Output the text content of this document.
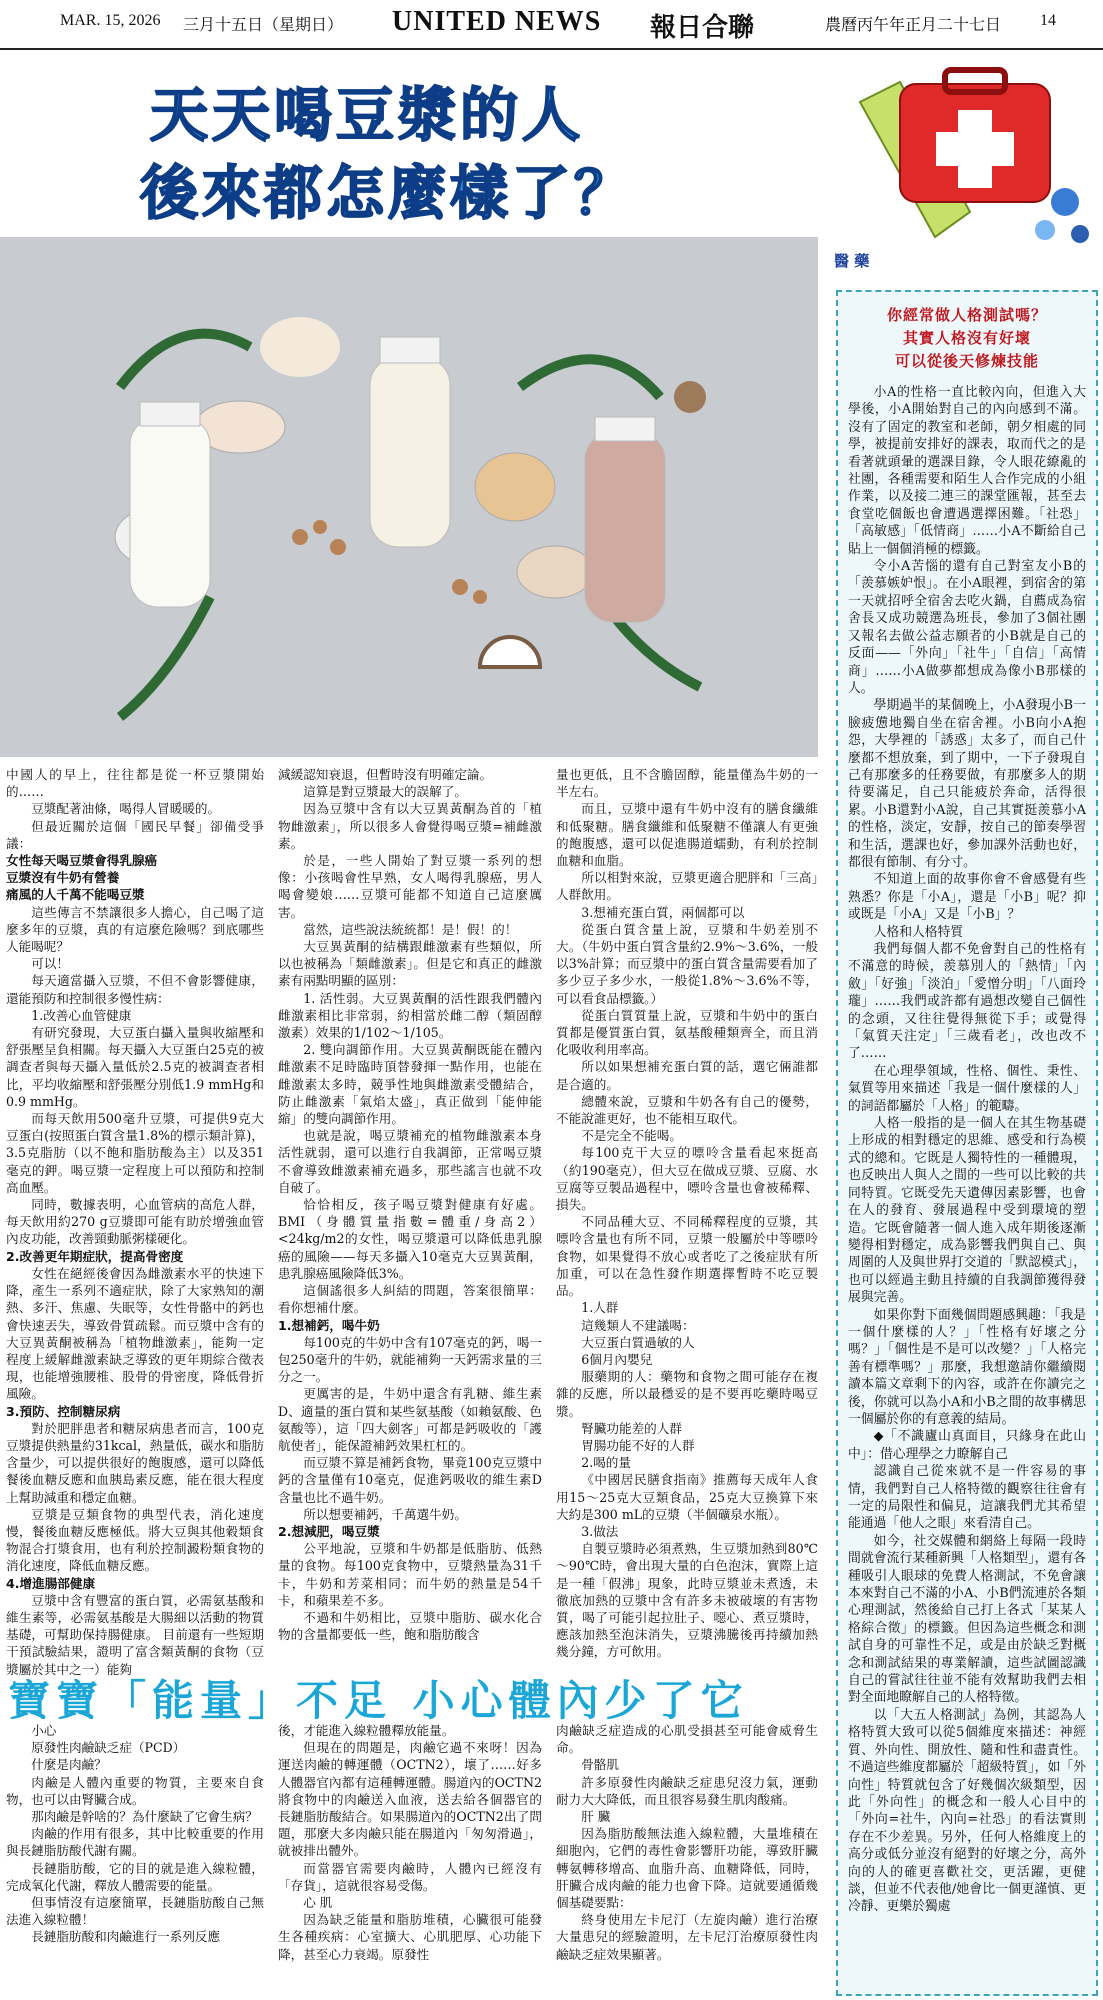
MAR. 15, 2026 三月十五日（星期日） UNITED NEWS 報日合聯	農曆丙午年正月二十七日 14
天天喝豆漿的人
後來都怎麼樣了？
醫 藥

中國人的早上，往往都是從一杯豆漿開始的……

豆漿配著油條，喝得人冒暖暖的。

但最近關於這個「國民早餐」卻備受爭議：

女性每天喝豆漿會得乳腺癌

豆漿沒有牛奶有營養

痛風的人千萬不能喝豆漿

這些傳言不禁讓很多人擔心，自己喝了這麼多年的豆漿，真的有這麼危險嗎？到底哪些人能喝呢？

可以！

每天適當攝入豆漿，不但不會影響健康，還能預防和控制很多慢性病：

1.改善心血管健康

有研究發現，大豆蛋白攝入量與收縮壓和舒張壓呈負相關。每天攝入大豆蛋白25克的被調查者與每天攝入量低於2.5克的被調查者相比，平均收縮壓和舒張壓分別低1.9 mmHg和0.9 mmHg。

而每天飲用500毫升豆漿，可提供9克大豆蛋白(按照蛋白質含量1.8%的標示類計算)，3.5克脂肪（以不飽和脂肪酸為主）以及351毫克的鉀。喝豆漿一定程度上可以預防和控制高血壓。

同時，數據表明，心血管病的高危人群，每天飲用約270 g豆漿即可能有助於增強血管內皮功能，改善頸動脈粥樣硬化。

2.改善更年期症狀，提高骨密度

女性在絕經後會因為雌激素水平的快速下降，產生一系列不適症狀，除了大家熟知的潮熱、多汗、焦慮、失眠等，女性骨骼中的鈣也會快速丟失，導致骨質疏鬆。而豆漿中含有的大豆異黃酮被稱為「植物雌激素」，能夠一定程度上緩解雌激素缺乏導致的更年期綜合徵表現，也能增強腰椎、股骨的骨密度，降低骨折風險。

3.預防、控制糖尿病

對於肥胖患者和糖尿病患者而言，100克豆漿提供熱量約31kcal，熱量低，碳水和脂肪含量少，可以提供很好的飽腹感，還可以降低餐後血糖反應和血胰島素反應，能在很大程度上幫助減重和穩定血糖。

豆漿是豆類食物的典型代表，消化速度慢，餐後血糖反應極低。將大豆與其他穀類食物混合打漿食用，也有利於控制澱粉類食物的消化速度，降低血糖反應。

4.增進腸部健康

豆漿中含有豐富的蛋白質，必需氨基酸和維生素等，必需氨基酸是大腸細以活動的物質基礎，可幫助保持腸健康。 目前還有一些短期干預試驗結果，證明了富含類黃酮的食物（豆漿屬於其中之一）能夠

減緩認知衰退，但暫時沒有明確定論。

這算是對豆漿最大的誤解了。

因為豆漿中含有以大豆異黃酮為首的「植物雌激素」，所以很多人會覺得喝豆漿=補雌激素。

於是，一些人開始了對豆漿一系列的想像：小孩喝會性早熟，女人喝得乳腺癌，男人喝會變娘……豆漿可能都不知道自己這麼厲害。

當然，這些說法統統都！是！假！的！

大豆異黃酮的結構跟雌激素有些類似，所以也被稱為「類雌激素」。但是它和真正的雌激素有兩點明顯的區別：

1. 活性弱。大豆異黃酮的活性跟我們體內雌激素相比非常弱，約相當於雌二醇（類固醇激素）效果的1/102～1/105。

2. 雙向調節作用。大豆異黃酮既能在體內雌激素不足時臨時頂替發揮一點作用，也能在雌激素太多時，競爭性地與雌激素受體結合，防止雌激素「氣焰太盛」，真正做到「能伸能縮」的雙向調節作用。

也就是說，喝豆漿補充的植物雌激素本身活性就弱，還可以進行自我調節，正常喝豆漿不會導致雌激素補充過多，那些謠言也就不攻自破了。

恰恰相反，孩子喝豆漿對健康有好處。BMI（身體質量指數=體重/身高2）<24kg/m2的女性，喝豆漿還可以降低患乳腺癌的風險——每天多攝入10毫克大豆異黃酮，患乳腺癌風險降低3%。

這個謠很多人糾結的問題，答案很簡單：看你想補什麼。

1.想補鈣，喝牛奶

每100克的牛奶中含有107毫克的鈣，喝一包250毫升的牛奶，就能補夠一天鈣需求量的三分之一。

更厲害的是，牛奶中還含有乳糖、維生素D、適量的蛋白質和某些氨基酸（如賴氨酸、色氨酸等），這「四大劍客」可都是鈣吸收的「護航使者」，能保證補鈣效果杠杠的。

而豆漿不算是補鈣食物，畢竟100克豆漿中鈣的含量僅有10毫克，促進鈣吸收的維生素D含量也比不過牛奶。

所以想要補鈣，千萬選牛奶。

2.想減肥，喝豆漿

公平地說，豆漿和牛奶都是低脂肪、低熱量的食物。每100克食物中，豆漿熱量為31千卡，牛奶和芳菜相同；而牛奶的熱量是54千卡，和蘋果差不多。

不過和牛奶相比，豆漿中脂肪、碳水化合物的含量都要低一些，飽和脂肪酸含

量也更低，且不含膽固醇，能量僅為牛奶的一半左右。

而且，豆漿中還有牛奶中沒有的膳食纖維和低聚糖。膳食纖維和低聚糖不僅讓人有更強的飽腹感，還可以促進腸道蠕動，有利於控制血糖和血脂。

所以相對來說，豆漿更適合肥胖和「三高」人群飲用。

3.想補充蛋白質，兩個都可以

從蛋白質含量上說，豆漿和牛奶差別不大。（牛奶中蛋白質含量約2.9%～3.6%，一般以3%計算；而豆漿中的蛋白質含量需要看加了多少豆子多少水，一般從1.8%～3.6%不等，可以看食品標籤。）

從蛋白質質量上說，豆漿和牛奶中的蛋白質都是優質蛋白質，氨基酸種類齊全，而且消化吸收利用率高。

所以如果想補充蛋白質的話，選它倆誰都是合適的。

總體來說，豆漿和牛奶各有自己的優勢，不能說誰更好，也不能相互取代。

不是完全不能喝。

每100克干大豆的嘌呤含量看起來挺高（約190毫克），但大豆在做成豆漿、豆腐、水豆腐等豆製品過程中，嘌呤含量也會被稀釋、損失。

不同品種大豆、不同稀釋程度的豆漿，其嘌呤含量也有所不同，豆漿一般屬於中等嘌呤食物，如果覺得不放心或者吃了之後症狀有所加重，可以在急性發作期選擇暫時不吃豆製品。

1.人群

這幾類人不建議喝：

大豆蛋白質過敏的人

6個月內嬰兒

服藥期的人：藥物和食物之間可能存在複雜的反應，所以最穩妥的是不要再吃藥時喝豆漿。

腎臟功能差的人群

胃腸功能不好的人群

2.喝的量

《中國居民膳食指南》推薦每天成年人食用15～25克大豆類食品，25克大豆換算下來大約是300 mL的豆漿（半個礦泉水瓶）。

3.做法

自製豆漿時必須煮熟，生豆漿加熱到80℃～90℃時，會出現大量的白色泡沫，實際上這是一種「假沸」現象，此時豆漿並未煮透，未徹底加熱的豆漿中含有許多未被破壞的有害物質，喝了可能引起拉肚子、噁心、煮豆漿時，應該加熱至泡沫消失，豆漿沸騰後再持續加熱幾分鐘，方可飲用。

寶寶「能量」不足 小心體內少了它

小心

原發性肉鹼缺乏症（PCD）

什麼是肉鹼？

肉鹼是人體內重要的物質，主要來自食物，也可以由腎臟合成。

那肉鹼是幹啥的？為什麼缺了它會生病？

肉鹼的作用有很多，其中比較重要的作用與長鏈脂肪酸代謝有關。

長鏈脂肪酸，它的目的就是進入線粒體，完成氧化代謝，釋放人體需要的能量。

但事情沒有這麼簡單，長鏈脂肪酸自己無法進入線粒體！

長鏈脂肪酸和肉鹼進行一系列反應

後，才能進入線粒體釋放能量。

但現在的問題是，肉鹼它過不來呀！因為運送肉鹼的轉運體（OCTN2），壞了……好多人體器官內都有這種轉運體。腸道內的OCTN2將食物中的肉鹼送入血液，送去給各個器官的長鏈脂肪酸結合。如果腸道內的OCTN2出了問題，那麼大多肉鹼只能在腸道內「匆匆滑過」，就被排出體外。

而當器官需要肉鹼時，人體內已經沒有「存貨」，這就很容易受傷。

心 肌

因為缺乏能量和脂肪堆積，心臟很可能發生各種疾病：心室擴大、心肌肥厚、心功能下降，甚至心力衰竭。原發性

肉鹼缺乏症造成的心肌受損甚至可能會威脅生命。

骨骼肌

許多原發性肉鹼缺乏症患兒沒力氣，運動耐力大大降低，而且很容易發生肌肉酸痛。

肝 臟

因為脂肪酸無法進入線粒體，大量堆積在細胞內，它們的毒性會影響肝功能，導致肝臟轉氨轉移增高、血脂升高、血糖降低，同時，肝臟合成肉鹼的能力也會下降。這就要通循幾個基礎要點：

終身使用左卡尼汀（左旋肉鹼）進行治療 大量患兒的經驗證明，左卡尼汀治療原發性肉鹼缺乏症效果顯著。

你經常做人格測試嗎？
其實人格沒有好壞
可以從後天修煉技能

小A的性格一直比較內向，但進入大學後，小A開始對自己的內向感到不滿。沒有了固定的教室和老師，朝夕相處的同學，被提前安排好的課表，取而代之的是看著就頭暈的選課目錄，令人眼花繚亂的社團，各種需要和陌生人合作完成的小組作業，以及接二連三的課堂匯報，甚至去食堂吃個飯也會遭遇選擇困難。「社恐」「高敏感」「低情商」……小A不斷給自己貼上一個個消極的標籤。

令小A苦惱的還有自己對室友小B的「羨慕嫉妒恨」。在小A眼裡，到宿舍的第一天就招呼全宿舍去吃火鍋，自薦成為宿舍長又成功競選為班長，參加了3個社團又報名去做公益志願者的小B就是自己的反面——「外向」「社牛」「自信」「高情商」……小A做夢都想成為像小B那樣的人。

學期過半的某個晚上，小A發現小B一臉疲憊地獨自坐在宿舍裡。小B向小A抱怨，大學裡的「誘惑」太多了，而自己什麼都不想放棄，到了期中，一下子發現自己有那麼多的任務要做，有那麼多人的期待要滿足，自己只能疲於奔命，活得很累。小B還對小A說，自己其實挺羨慕小A的性格，淡定，安靜，按自己的節奏學習和生活，選課也好，參加課外活動也好，都很有節制、有分寸。

不知道上面的故事你會不會感覺有些熟悉？你是「小A」，還是「小B」呢？抑或既是「小A」又是「小B」？

人格和人格特質

我們每個人都不免會對自己的性格有不滿意的時候，羨慕別人的「熱情」「內斂」「好強」「淡泊」「愛憎分明」「八面玲瓏」……我們或許都有過想改變自己個性的念頭，又往往覺得無從下手；或覺得「氣質天注定」「三歲看老」，改也改不了……

在心理學領域，性格、個性、秉性、氣質等用來描述「我是一個什麼樣的人」的詞語都屬於「人格」的範疇。

人格一般指的是一個人在其生物基礎上形成的相對穩定的思維、感受和行為模式的總和。它既是人獨特性的一種體現，也反映出人與人之間的一些可以比較的共同特質。它既受先天遺傳因素影響，也會在人的發育、發展過程中受到環境的塑造。它既會隨著一個人進入成年期後逐漸變得相對穩定，成為影響我們與自己、與周圍的人及與世界打交道的「默認模式」，也可以經過主動且持續的自我調節獲得發展與完善。

如果你對下面幾個問題感興趣：「我是一個什麼樣的人？」「性格有好壞之分嗎？」「個性是不是可以改變？」「人格完善有標準嗎？」那麼，我想邀請你繼續閱讀本篇文章剩下的內容，或許在你讀完之後，你就可以為小A和小B之間的故事構思一個屬於你的有意義的結局。

◆「不識廬山真面目，只緣身在此山中」：借心理學之力瞭解自己

認識自己從來就不是一件容易的事情，我們對自己人格特徵的觀察往往會有一定的局限性和偏見，這讓我們尤其希望能通過「他人之眼」來看清自己。

如今，社交媒體和網絡上每隔一段時間就會流行某種新興「人格類型」，還有各種吸引人眼球的免費人格測試，不免會讓本來對自己不滿的小A、小B們流連於各類心理測試，然後給自己打上各式「某某人格綜合徵」的標籤。但因為這些概念和測試自身的可靠性不足，或是由於缺乏對概念和測試結果的專業解讀，這些試圖認識自己的嘗試往往並不能有效幫助我們去相對全面地瞭解自己的人格特徵。

以「大五人格測試」為例，其認為人格特質大致可以從5個維度來描述：神經質、外向性、開放性、隨和性和盡責性。不過這些維度都屬於「超級特質」，如「外向性」特質就包含了好幾個次級類型，因此「外向性」的概念和一般人心目中的「外向=社牛，內向=社恐」的看法實則存在不少差異。另外，任何人格維度上的高分或低分並沒有絕對的好壞之分，高外向的人的確更喜歡社交，更活躍，更健談，但並不代表他/她會比一個更謹慎、更冷靜、更樂於獨處
